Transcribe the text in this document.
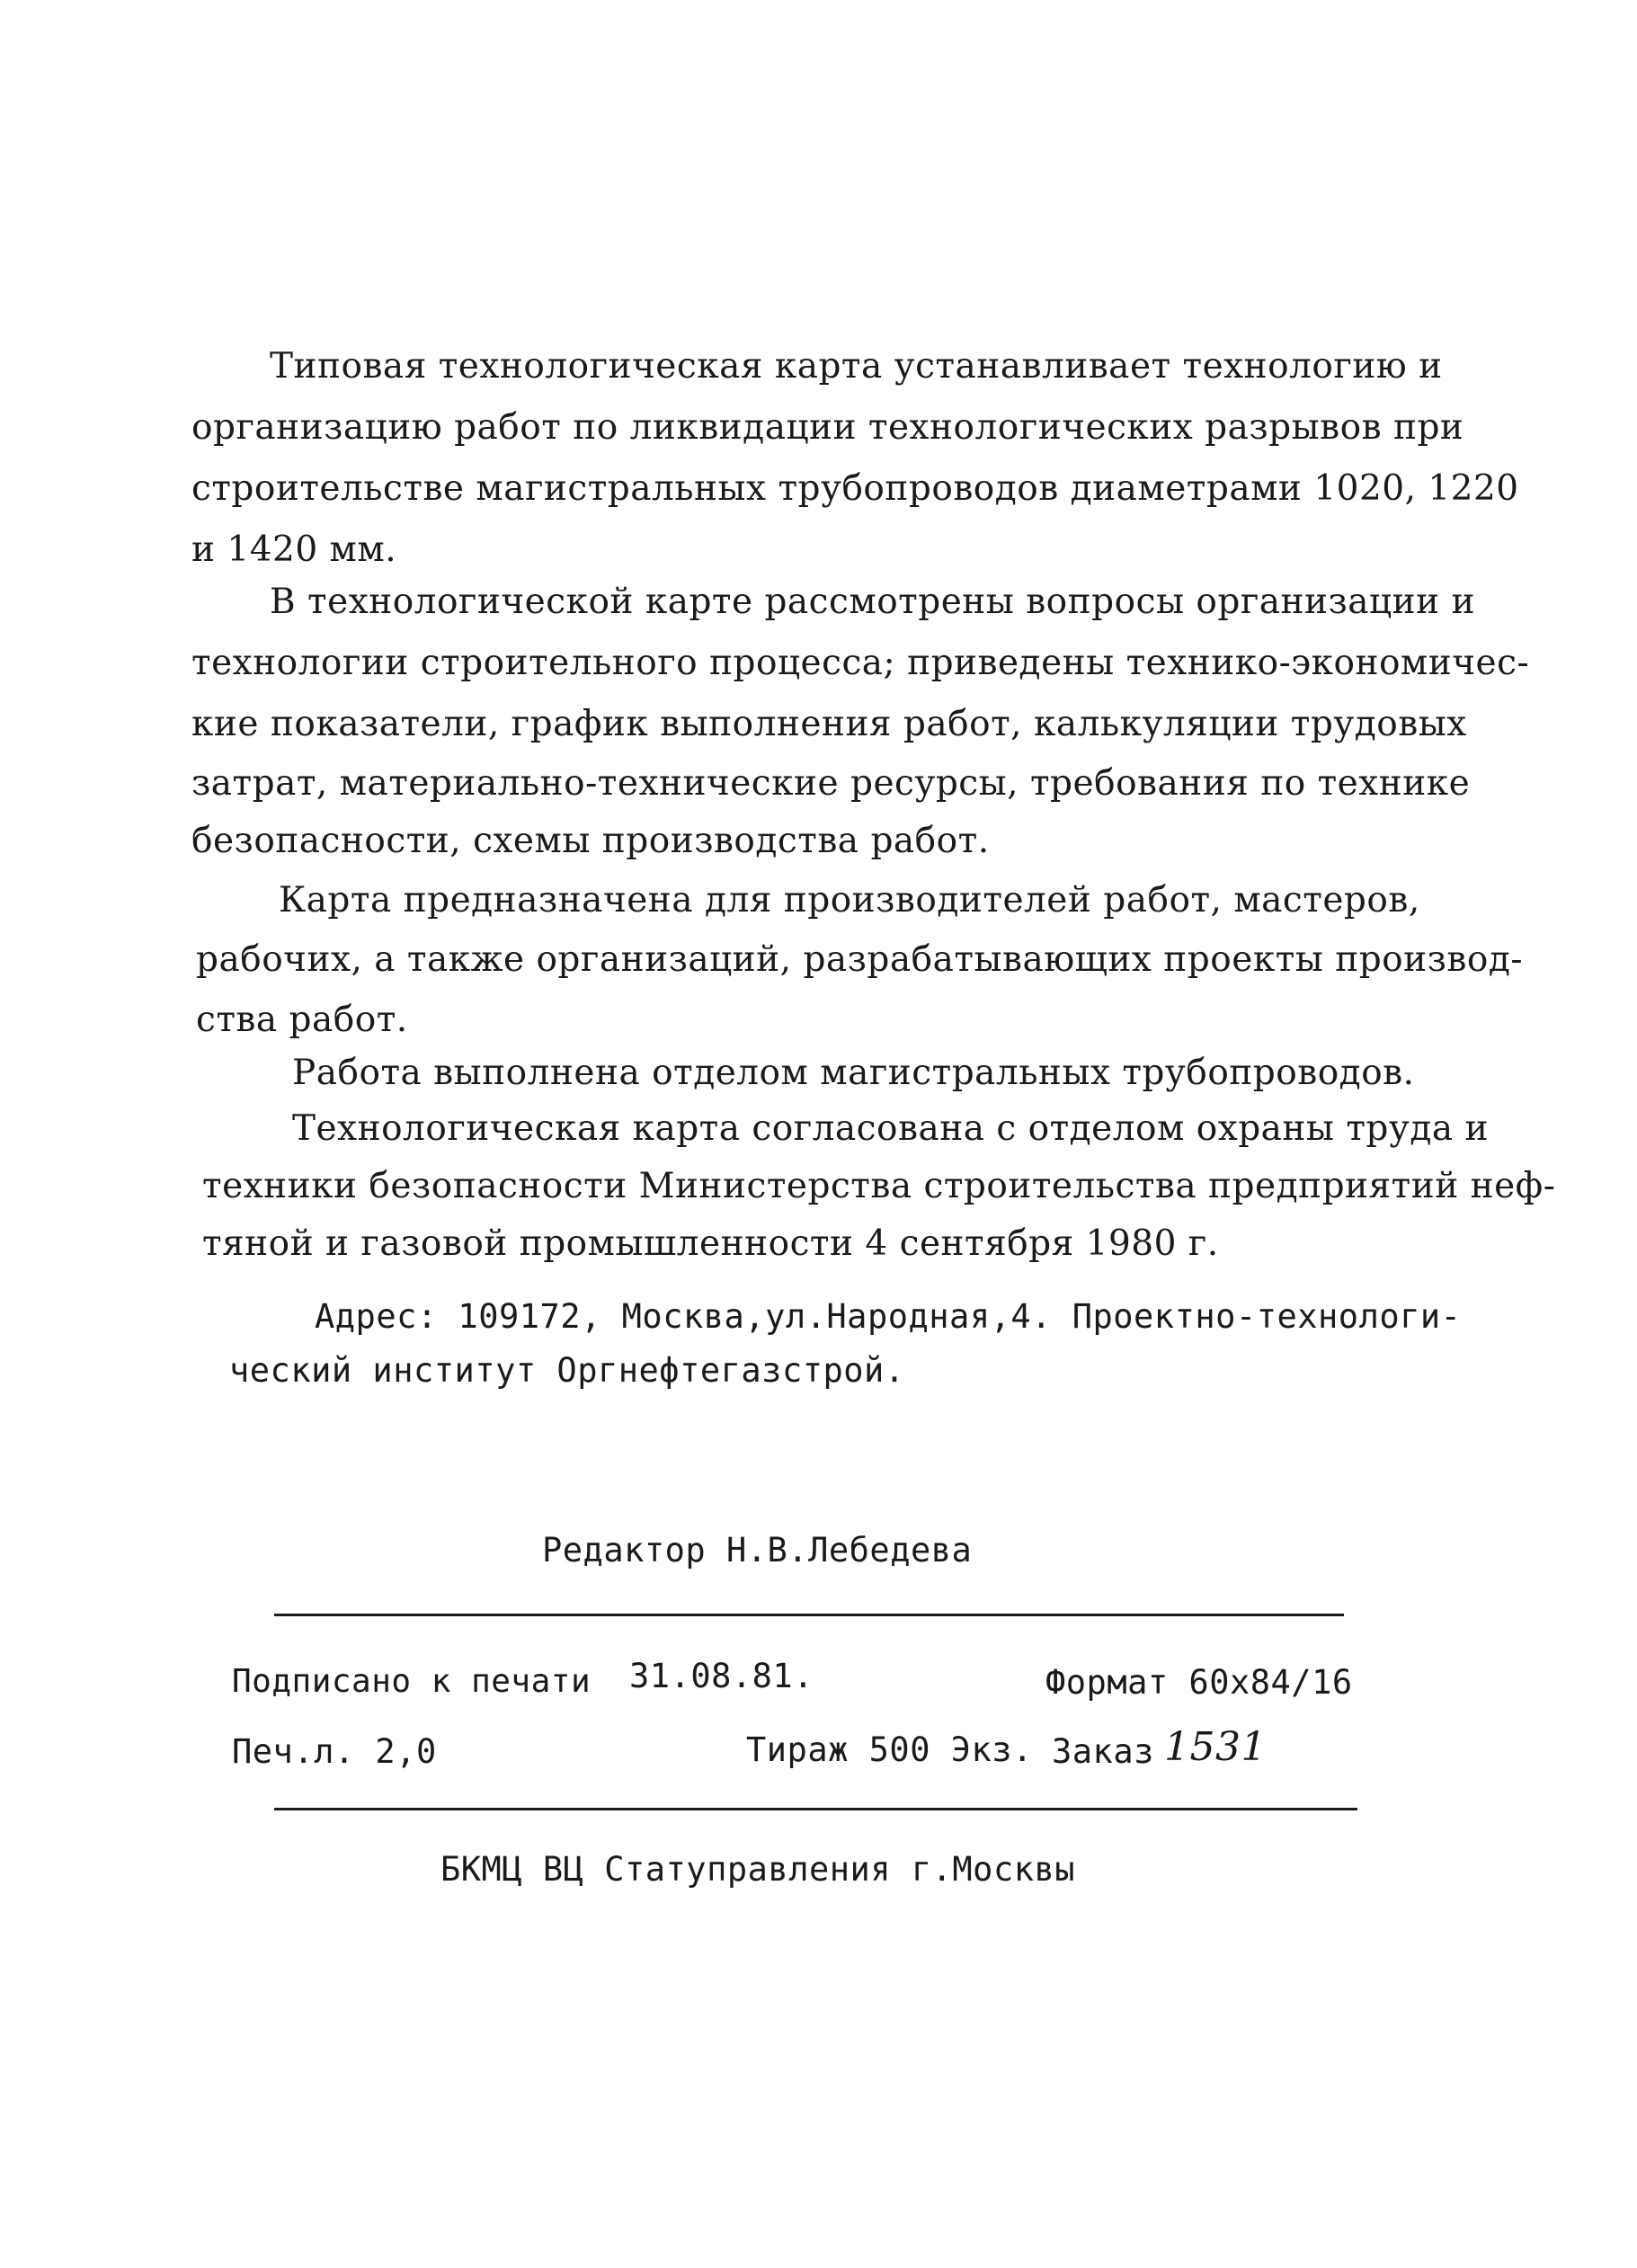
Типовая технологическая карта устанавливает технологию и
организацию работ по ликвидации технологических разрывов при
строительстве магистральных трубопроводов диаметрами 1020, 1220
и 1420 мм.
В технологической карте рассмотрены вопросы организации и
технологии строительного процесса; приведены технико-экономичес-
кие показатели, график выполнения работ, калькуляции трудовых
затрат, материально-технические ресурсы, требования по технике
безопасности, схемы производства работ.
Карта предназначена для производителей работ, мастеров,
рабочих, а также организаций, разрабатывающих проекты производ-
ства работ.
Работа выполнена отделом магистральных трубопроводов.
Технологическая карта согласована с отделом охраны труда и
техники безопасности Министерства строительства предприятий неф-
тяной и газовой промышленности 4 сентября 1980 г.
Адрес: 109172, Москва,ул.Народная,4. Проектно-технологи-
ческий институт Оргнефтегазстрой.
Редактор Н.В.Лебедева
Подписано к печати 31.08.81.	Формат 60х84/16
Печ.л. 2,0	Тираж 500 Экз. Заказ 1531
БКМЦ ВЦ Статуправления г.Москвы
